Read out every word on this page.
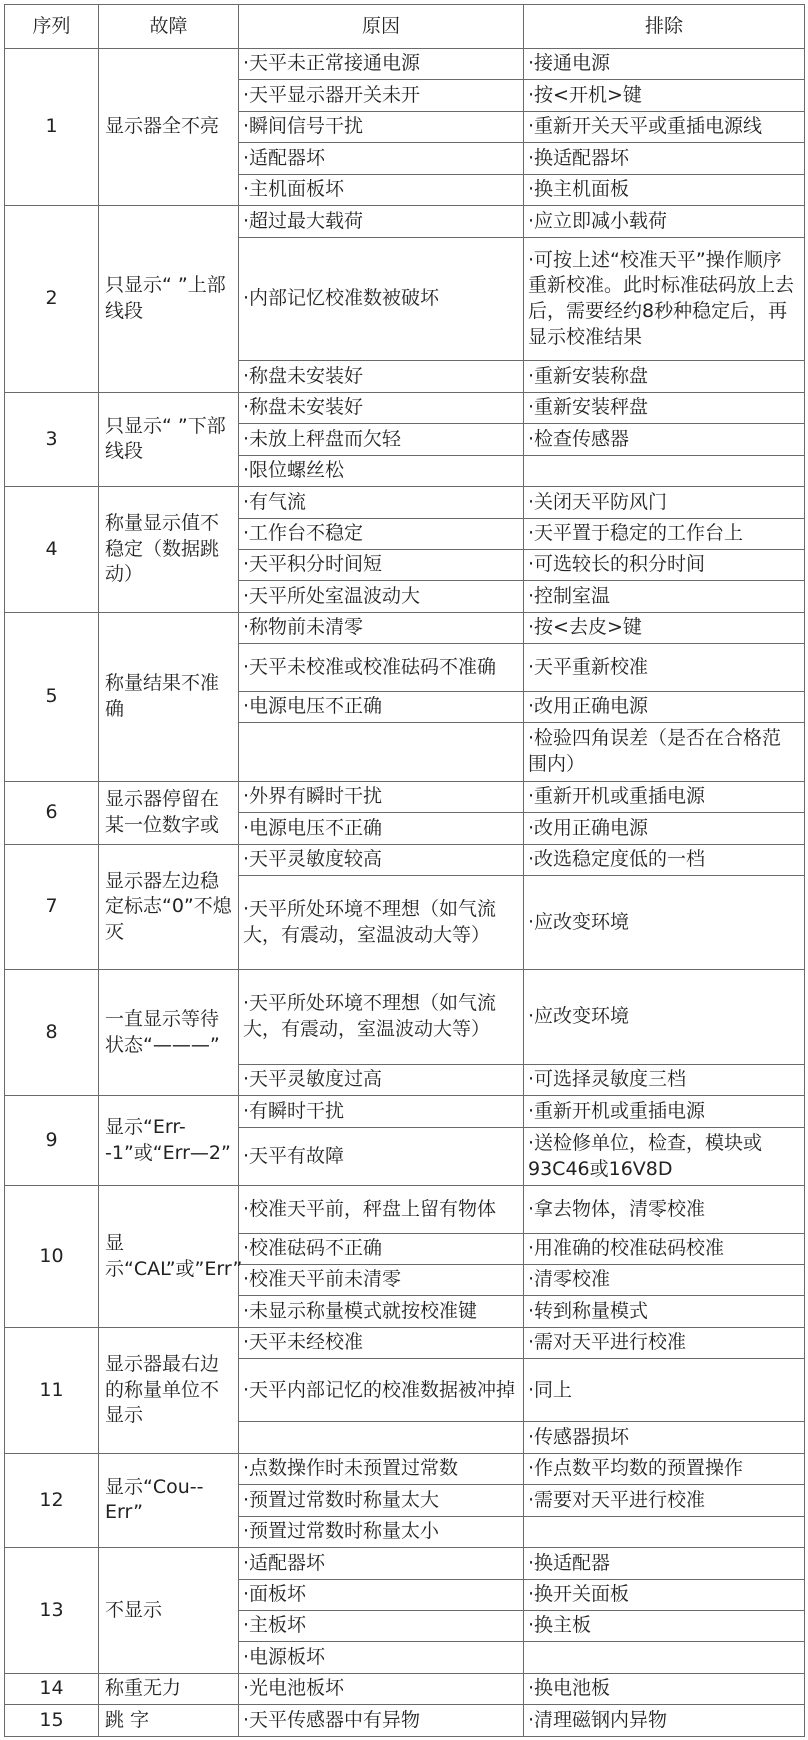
序列	故障	原因	排除
1	显示器全不亮	·天平未正常接通电源	·接通电源
		·天平显示器开关未开	·按<开机>键
		·瞬间信号干扰	·重新开关天平或重插电源线
		·适配器坏	·换适配器坏
		·主机面板坏	·换主机面板
2	只显示“ ”上部线段	·超过最大载荷	·应立即减小载荷
		·内部记忆校准数被破坏	·可按上述“校准天平”操作顺序重新校准。此时标准砝码放上去后，需要经约8秒种稳定后，再显示校准结果
		·称盘未安装好	·重新安装称盘
3	只显示“ ”下部线段	·称盘未安装好	·重新安装秤盘
		·未放上秤盘而欠轻	·检查传感器
		·限位螺丝松	
4	称量显示值不稳定（数据跳动）	·有气流	·关闭天平防风门
		·工作台不稳定	·天平置于稳定的工作台上
		·天平积分时间短	·可选较长的积分时间
		·天平所处室温波动大	·控制室温
5	称量结果不准确	·称物前未清零	·按<去皮>键
		·天平未校准或校准砝码不准确	·天平重新校准
		·电源电压不正确	·改用正确电源
			·检验四角误差（是否在合格范围内）
6	显示器停留在某一位数字或	·外界有瞬时干扰	·重新开机或重插电源
		·电源电压不正确	·改用正确电源
7	显示器左边稳定标志“0”不熄灭	·天平灵敏度较高	·改选稳定度低的一档
		·天平所处环境不理想（如气流大，有震动，室温波动大等）	·应改变环境
8	一直显示等待状态“———”	·天平所处环境不理想（如气流大，有震动，室温波动大等）	·应改变环境
		·天平灵敏度过高	·可选择灵敏度三档
9	显示“Err--1”或“Err—2”	·有瞬时干扰	·重新开机或重插电源
		·天平有故障	·送检修单位，检查，模块或93C46或16V8D
10	显示“CAL”或”Err”	·校准天平前，秤盘上留有物体	·拿去物体，清零校准
		·校准砝码不正确	·用准确的校准砝码校准
		·校准天平前未清零	·清零校准
		·未显示称量模式就按校准键	·转到称量模式
11	显示器最右边的称量单位不显示	·天平未经校准	·需对天平进行校准
		·天平内部记忆的校准数据被冲掉	·同上
			·传感器损坏
12	显示“Cou--Err”	·点数操作时未预置过常数	·作点数平均数的预置操作
		·预置过常数时称量太大	·需要对天平进行校准
		·预置过常数时称量太小	
13	不显示	·适配器坏	·换适配器
		·面板坏	·换开关面板
		·主板坏	·换主板
		·电源板坏	
14	称重无力	·光电池板坏	·换电池板
15	跳 字	·天平传感器中有异物	·清理磁钢内异物
